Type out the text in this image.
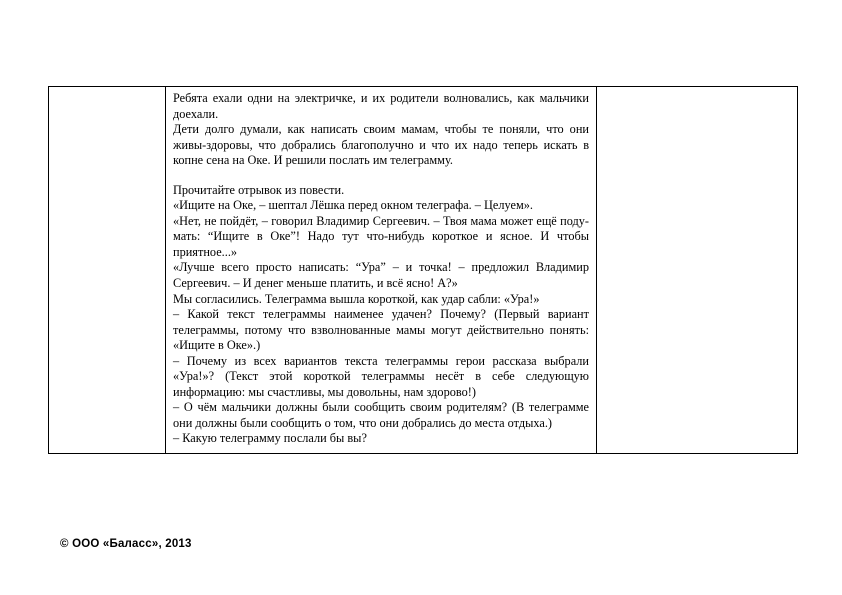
Ребята ехали одни на электричке, и их родители волновались, как мальчики доехали.

Дети долго думали, как написать своим мамам, чтобы те поняли, что они живы-здоровы, что добрались благополучно и что их надо теперь искать в копне сена на Оке. И решили послать им телеграмму.

Прочитайте отрывок из повести.

«Ищите на Оке, – шептал Лёшка перед окном телеграфа. – Целуем».

«Нет, не пойдёт, – говорил Владимир Сергеевич. – Твоя мама может ещё поду-мать: “Ищите в Оке”! Надо тут что-нибудь короткое и ясное. И чтобы приятное...»

«Лучше всего просто написать: “Ура” – и точка! – предложил Владимир Сергеевич. – И денег меньше платить, и всё ясно! А?»

Мы согласились. Телеграмма вышла короткой, как удар сабли: «Ура!»

– Какой текст телеграммы наименее удачен? Почему? (Первый вариант телеграммы, потому что взволнованные мамы могут действительно понять: «Ищите в Оке».)

– Почему из всех вариантов текста телеграммы герои рассказа выбрали «Ура!»? (Текст этой короткой телеграммы несёт в себе следующую информацию: мы счастливы, мы довольны, нам здорово!)

– О чём мальчики должны были сообщить своим родителям? (В телеграмме они должны были сообщить о том, что они добрались до места отдыха.)

– Какую телеграмму послали бы вы?

© ООО «Баласс», 2013
